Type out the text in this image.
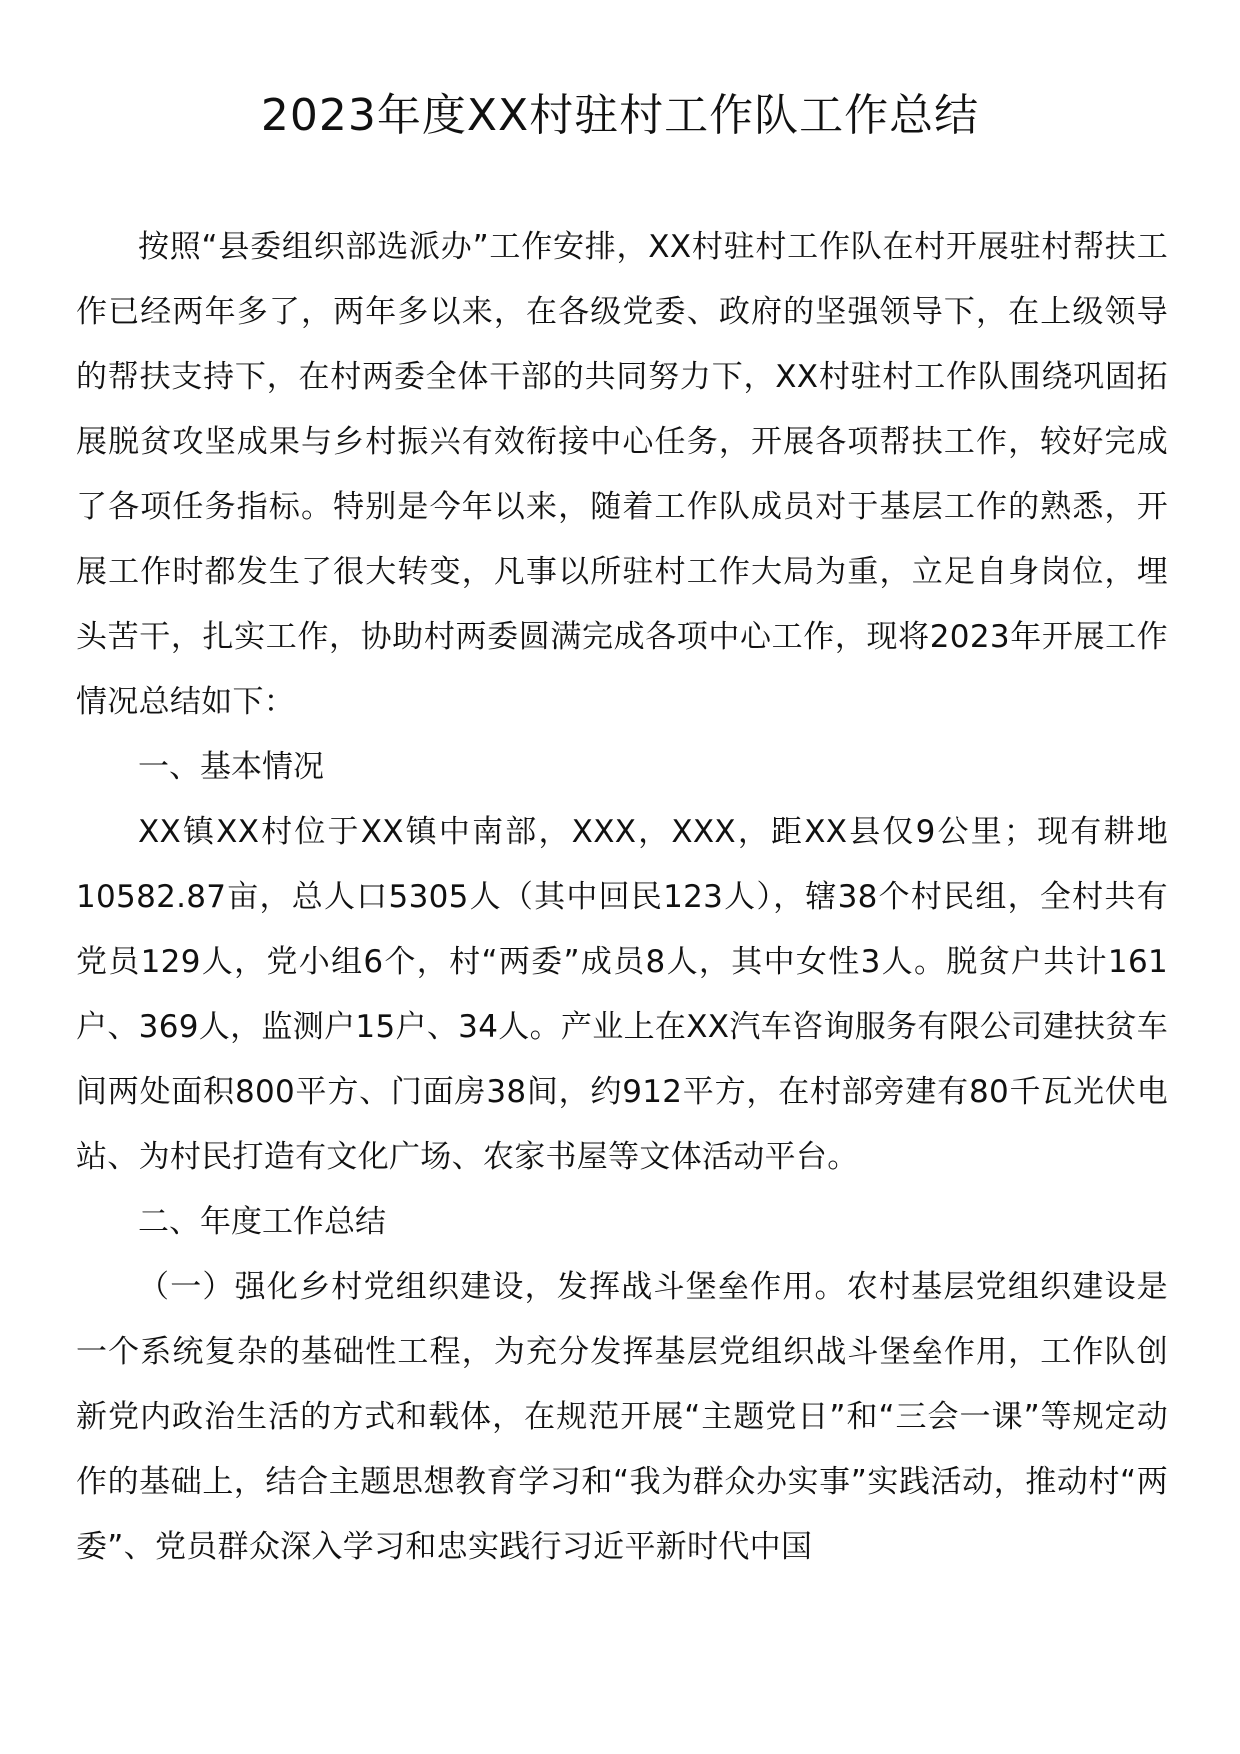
2023年度XX村驻村工作队工作总结

按照“县委组织部选派办”工作安排，XX村驻村工作队在村开展驻村帮扶工作已经两年多了，两年多以来，在各级党委、政府的坚强领导下，在上级领导的帮扶支持下，在村两委全体干部的共同努力下，XX村驻村工作队围绕巩固拓展脱贫攻坚成果与乡村振兴有效衔接中心任务，开展各项帮扶工作，较好完成了各项任务指标。特别是今年以来，随着工作队成员对于基层工作的熟悉，开展工作时都发生了很大转变，凡事以所驻村工作大局为重，立足自身岗位，埋头苦干，扎实工作，协助村两委圆满完成各项中心工作，现将2023年开展工作情况总结如下：

一、基本情况

XX镇XX村位于XX镇中南部，XXX，XXX，距XX县仅9公里；现有耕地10582.87亩，总人口5305人（其中回民123人），辖38个村民组，全村共有党员129人，党小组6个，村“两委”成员8人，其中女性3人。脱贫户共计161户、369人，监测户15户、34人。产业上在XX汽车咨询服务有限公司建扶贫车间两处面积800平方、门面房38间，约912平方，在村部旁建有80千瓦光伏电站、为村民打造有文化广场、农家书屋等文体活动平台。

二、年度工作总结

（一）强化乡村党组织建设，发挥战斗堡垒作用。农村基层党组织建设是一个系统复杂的基础性工程，为充分发挥基层党组织战斗堡垒作用，工作队创新党内政治生活的方式和载体，在规范开展“主题党日”和“三会一课”等规定动作的基础上，结合主题思想教育学习和“我为群众办实事”实践活动，推动村“两委”、党员群众深入学习和忠实践行习近平新时代中国
